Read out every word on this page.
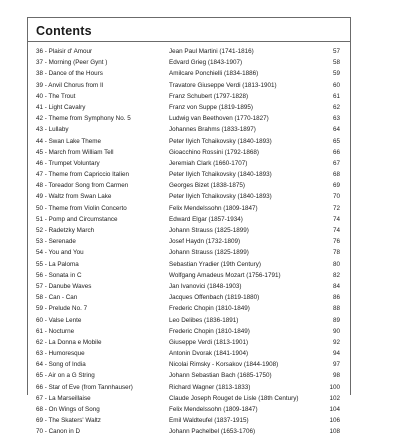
Contents
36 - Plaisir d' Amour	Jean Paul Martini (1741-1816)	57
37 - Morning (Peer Gynt )	Edvard Grieg (1843-1907)	58
38 - Dance of the Hours	Amilcare Ponchielli (1834-1886)	59
39 - Anvil Chorus from Il	Travatore Giuseppe Verdi (1813-1901)	60
40 - The Trout	Franz Schubert (1797-1828)	61
41 - Light Cavalry	Franz von Suppe (1819-1895)	62
42 - Theme from Symphony No. 5	Ludwig van Beethoven (1770-1827)	63
43 - Lullaby	Johannes Brahms (1833-1897)	64
44 - Swan Lake Theme	Peter Ilyich Tchaikovsky (1840-1893)	65
45 - March from William Tell	Gioacchino Rossini (1792-1868)	66
46 - Trumpet Voluntary	Jeremiah Clark (1660-1707)	67
47 - Theme from Capriccio Italien	Peter Ilyich Tchaikovsky (1840-1893)	68
48 - Toreador Song from Carmen	Georges Bizet (1838-1875)	69
49 - Waltz from Swan Lake	Peter Ilyich Tchaikovsky (1840-1893)	70
50 - Theme from Violin Concerto	Felix Mendelssohn (1809-1847)	72
51 - Pomp and Circumstance	Edward Elgar (1857-1934)	74
52 - Radetzky March	Johann Strauss (1825-1899)	74
53 - Serenade	Josef Haydn (1732-1809)	76
54 - You and You	Johann Strauss (1825-1899)	78
55 - La Paloma	Sebastian Yradier (19th Century)	80
56 - Sonata in C	Wolfgang Amadeus Mozart (1756-1791)	82
57 - Danube Waves	Jan Ivanovici (1848-1903)	84
58 - Can - Can	Jacques Offenbach (1819-1880)	86
59 - Prelude No. 7	Frederic Chopin (1810-1849)	88
60 - Valse Lente	Leo Delibes (1836-1891)	89
61 - Nocturne	Frederic Chopin (1810-1849)	90
62 - La Donna e Mobile	Giuseppe Verdi (1813-1901)	92
63 - Humoresque	Antonin Dvorak (1841-1904)	94
64 - Song of India	Nicolai Rimsky - Korsakov (1844-1908)	97
65 - Air on a G String	Johann Sebastian Bach (1685-1750)	98
66 - Star of Eve (from Tannhauser)	Richard Wagner (1813-1833)	100
67 - La Marseillaise	Claude Joseph Rouget de Lisle (18th Century)	102
68 - On Wings of Song	Felix Mendelssohn (1809-1847)	104
69 - The Skaters' Waltz	Emil Waldteufel (1837-1915)	106
70 - Canon in D	Johann Pachelbel (1653-1706)	108
